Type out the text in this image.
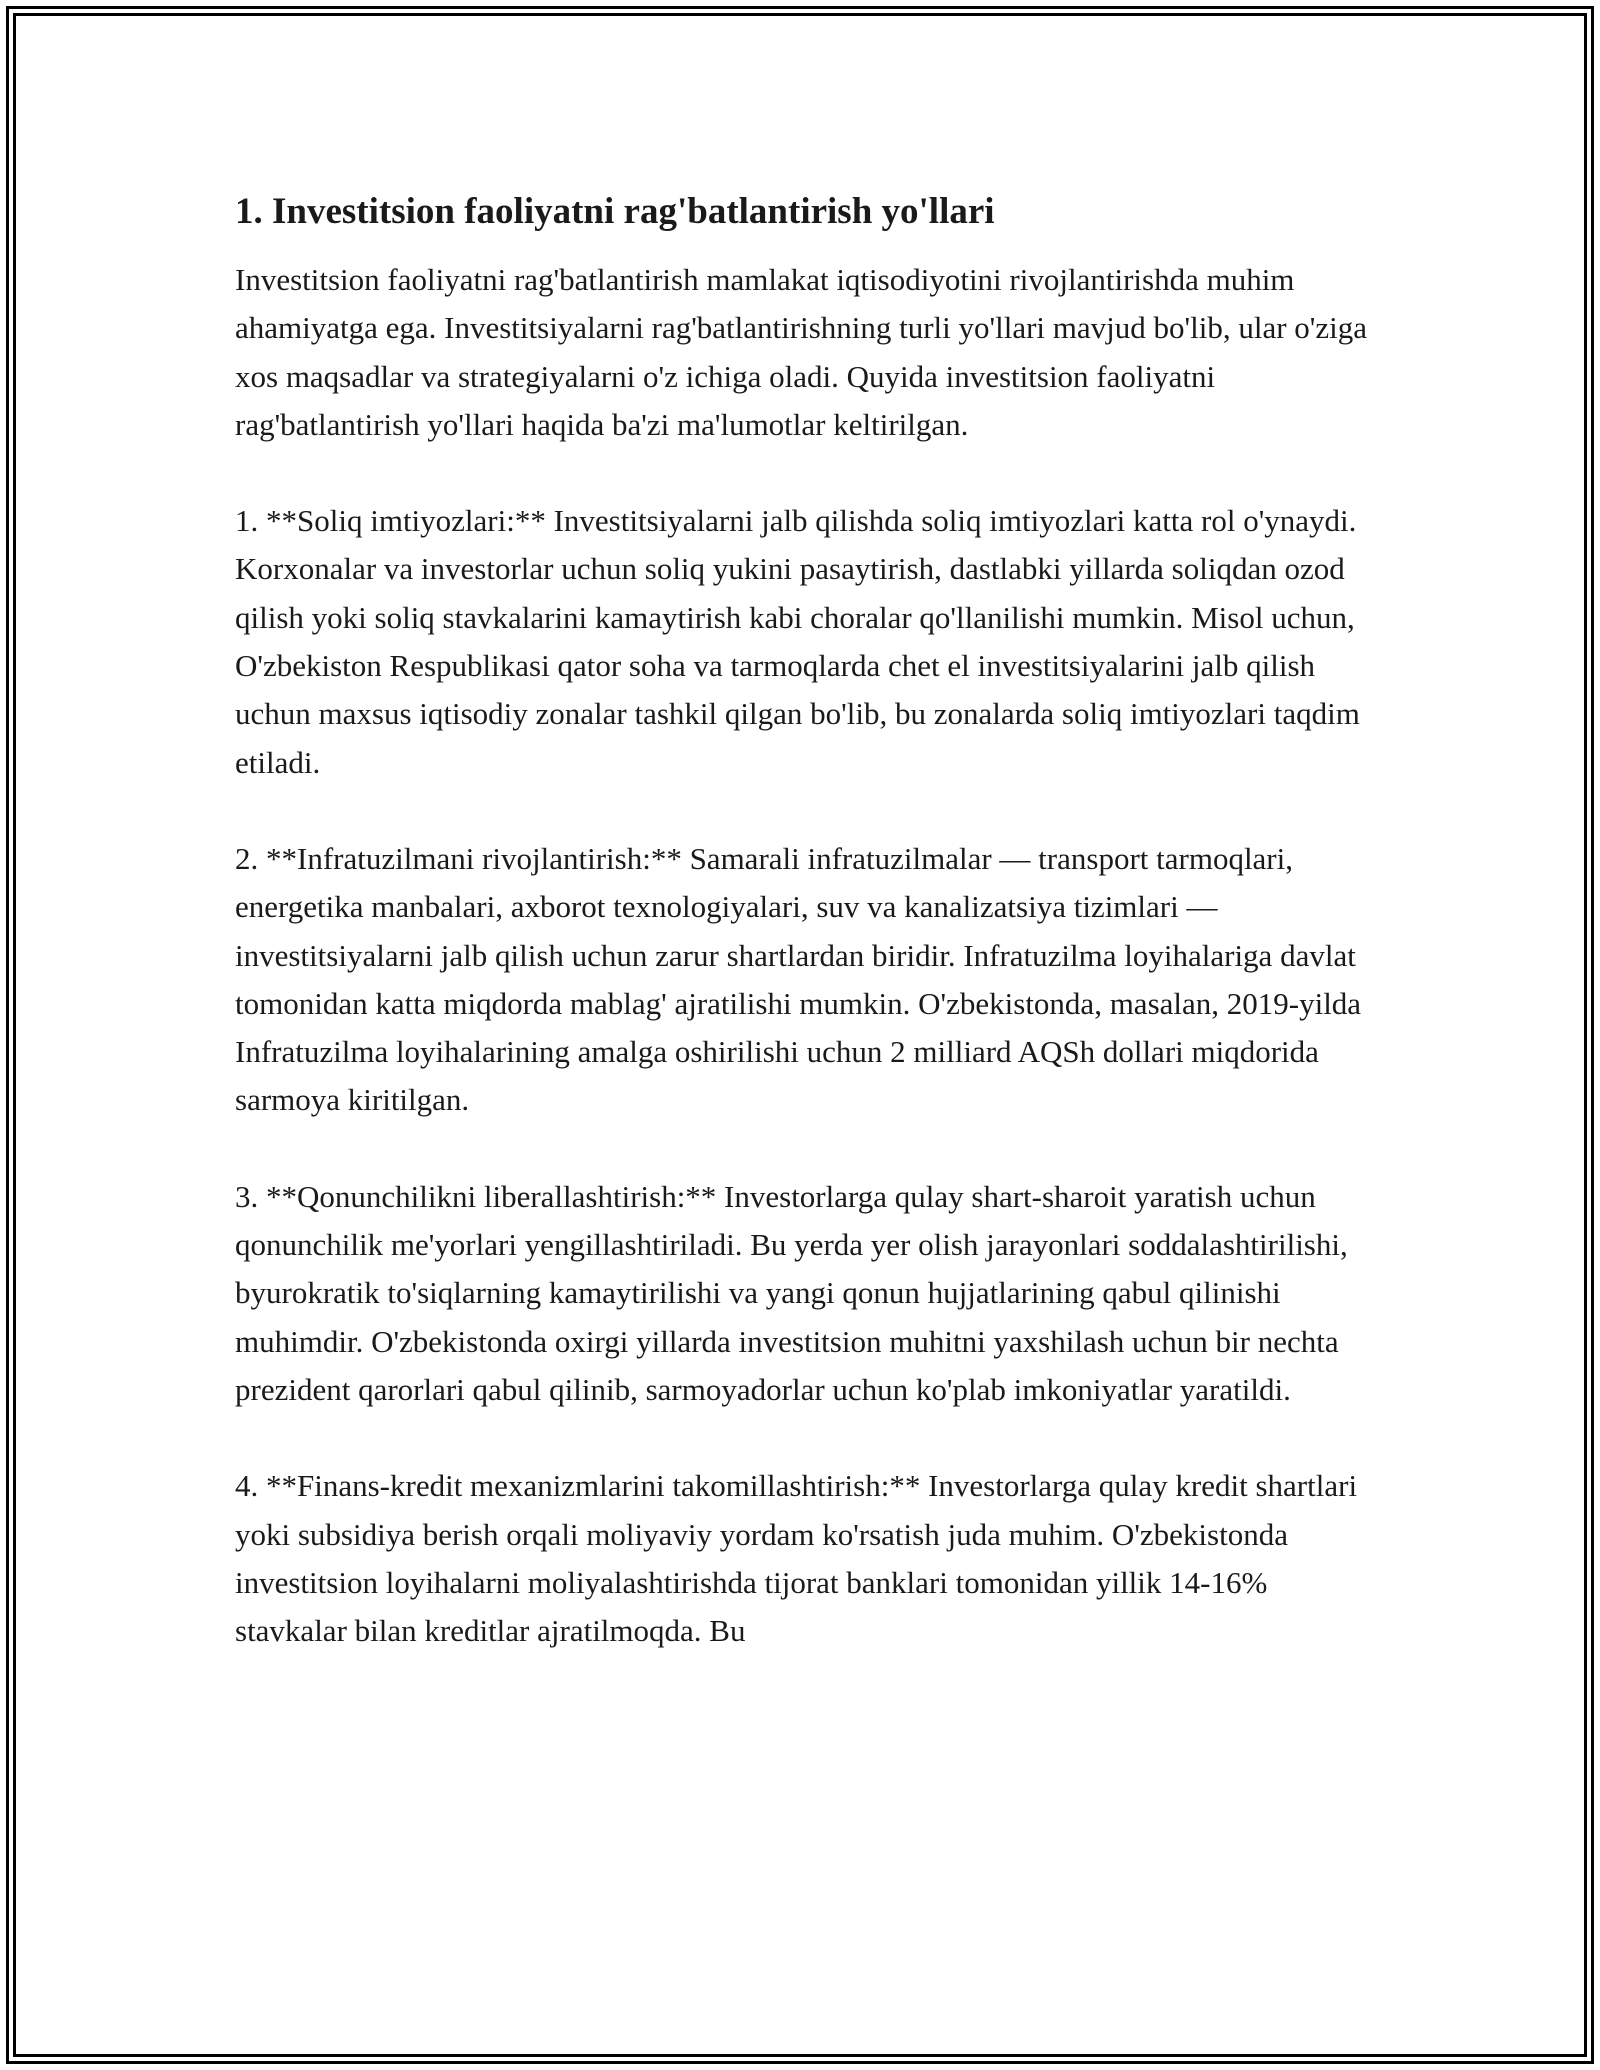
1. Investitsion faoliyatni rag'batlantirish yo'llari

Investitsion faoliyatni rag'batlantirish mamlakat iqtisodiyotini rivojlantirishda muhim ahamiyatga ega. Investitsiyalarni rag'batlantirishning turli yo'llari mavjud bo'lib, ular o'ziga xos maqsadlar va strategiyalarni o'z ichiga oladi. Quyida investitsion faoliyatni rag'batlantirish yo'llari haqida ba'zi ma'lumotlar keltirilgan.

1. **Soliq imtiyozlari:** Investitsiyalarni jalb qilishda soliq imtiyozlari katta rol o'ynaydi. Korxonalar va investorlar uchun soliq yukini pasaytirish, dastlabki yillarda soliqdan ozod qilish yoki soliq stavkalarini kamaytirish kabi choralar qo'llanilishi mumkin. Misol uchun, O'zbekiston Respublikasi qator soha va tarmoqlarda chet el investitsiyalarini jalb qilish uchun maxsus iqtisodiy zonalar tashkil qilgan bo'lib, bu zonalarda soliq imtiyozlari taqdim etiladi.

2. **Infratuzilmani rivojlantirish:** Samarali infratuzilmalar — transport tarmoqlari, energetika manbalari, axborot texnologiyalari, suv va kanalizatsiya tizimlari — investitsiyalarni jalb qilish uchun zarur shartlardan biridir. Infratuzilma loyihalariga davlat tomonidan katta miqdorda mablag' ajratilishi mumkin. O'zbekistonda, masalan, 2019-yilda Infratuzilma loyihalarining amalga oshirilishi uchun 2 milliard AQSh dollari miqdorida sarmoya kiritilgan.

3. **Qonunchilikni liberallashtirish:** Investorlarga qulay shart-sharoit yaratish uchun qonunchilik me'yorlari yengillashtiriladi. Bu yerda yer olish jarayonlari soddalashtirilishi, byurokratik to'siqlarning kamaytirilishi va yangi qonun hujjatlarining qabul qilinishi muhimdir. O'zbekistonda oxirgi yillarda investitsion muhitni yaxshilash uchun bir nechta prezident qarorlari qabul qilinib, sarmoyadorlar uchun ko'plab imkoniyatlar yaratildi.

4. **Finans-kredit mexanizmlarini takomillashtirish:** Investorlarga qulay kredit shartlari yoki subsidiya berish orqali moliyaviy yordam ko'rsatish juda muhim. O'zbekistonda investitsion loyihalarni moliyalashtirishda tijorat banklari tomonidan yillik 14-16% stavkalar bilan kreditlar ajratilmoqda. Bu
